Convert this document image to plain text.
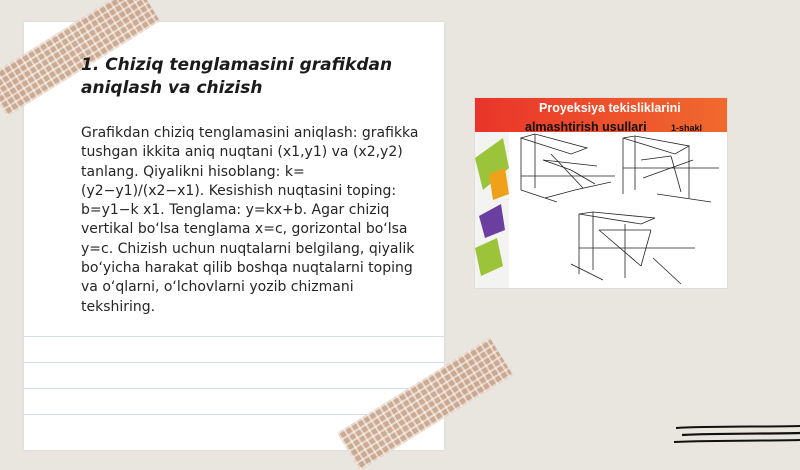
1. Chiziq tenglamasini grafikdan aniqlash va chizish
Grafikdan chiziq tenglamasini aniqlash: grafikka tushgan ikkita aniq nuqtani (x1,y1) va (x2,y2) tanlang. Qiyalikni hisoblang: k=(y2−y1)/(x2−x1). Kesishish nuqtasini toping: b=y1−k x1. Tenglama: y=kx+b. Agar chiziq vertikal bo‘lsa tenglama x=c, gorizontal bo‘lsa y=c. Chizish uchun nuqtalarni belgilang, qiyalik bo‘yicha harakat qilib boshqa nuqtalarni toping va o‘qlarni, o‘lchovlarni yozib chizmani tekshiring.
Proyeksiya tekisliklarini
almashtirish usullari	1-shakl
